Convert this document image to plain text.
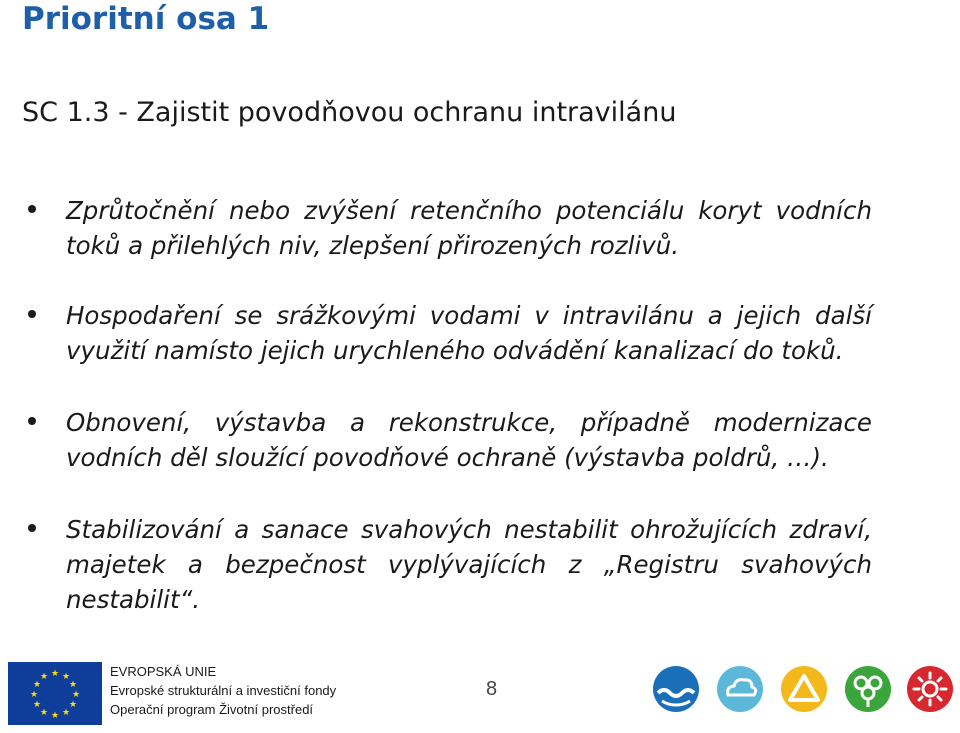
Prioritní osa 1
SC 1.3 - Zajistit povodňovou ochranu intravilánu
Zprůtočnění nebo zvýšení retenčního potenciálu koryt vodních toků a přilehlých niv, zlepšení přirozených rozlivů.
Hospodaření se srážkovými vodami v intravilánu a jejich další využití namísto jejich urychleného odvádění kanalizací do toků.
Obnovení, výstavba a rekonstrukce, případně modernizace vodních děl sloužící povodňové ochraně (výstavba poldrů, …).
Stabilizování a sanace svahových nestabilit ohrožujících zdraví, majetek a bezpečnost vyplývajících z „Registru svahových nestabilit“.
★ ★
★
★
★
★
★
★
★
★
★
★	EVROPSKÁ UNIE
Evropské strukturální a investiční fondy
Operační program Životní prostředí
8
